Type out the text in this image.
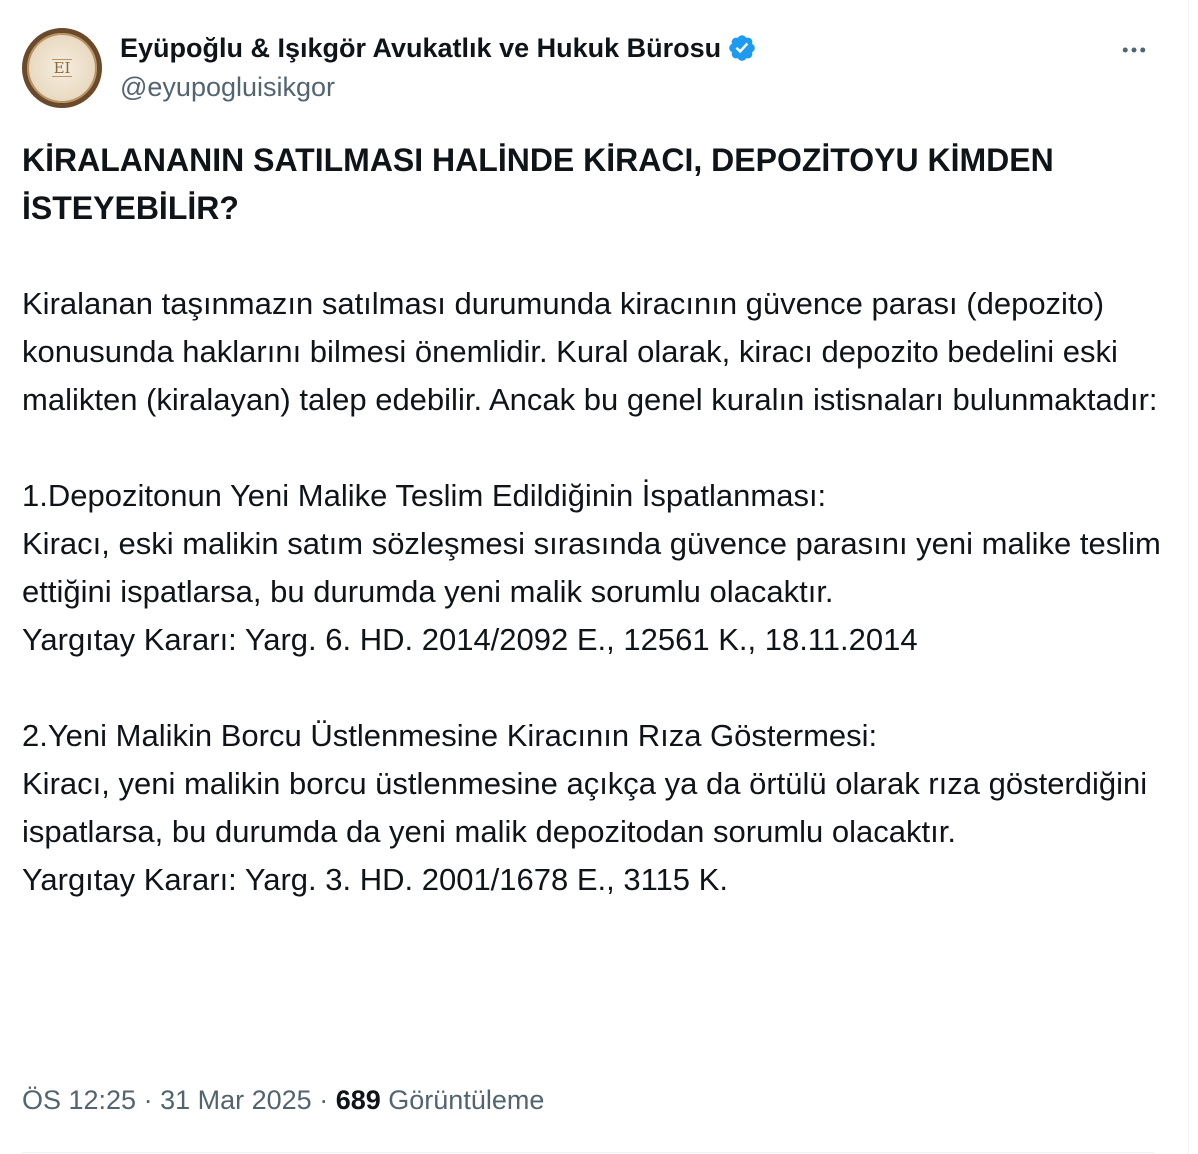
EI
Eyüpoğlu & Işıkgör Avukatlık ve Hukuk Bürosu
@eyupogluisikgor
KİRALANANIN SATILMASI HALİNDE KİRACI, DEPOZİTOYU KİMDEN İSTEYEBİLİR?
Kiralanan taşınmazın satılması durumunda kiracının güvence parası (depozito) konusunda haklarını bilmesi önemlidir. Kural olarak, kiracı depozito bedelini eski malikten (kiralayan) talep edebilir. Ancak bu genel kuralın istisnaları bulunmaktadır:
1.Depozitonun Yeni Malike Teslim Edildiğinin İspatlanması:
Kiracı, eski malikin satım sözleşmesi sırasında güvence parasını yeni malike teslim ettiğini ispatlarsa, bu durumda yeni malik sorumlu olacaktır.
Yargıtay Kararı: Yarg. 6. HD. 2014/2092 E., 12561 K., 18.11.2014
2.Yeni Malikin Borcu Üstlenmesine Kiracının Rıza Göstermesi:
Kiracı, yeni malikin borcu üstlenmesine açıkça ya da örtülü olarak rıza gösterdiğini ispatlarsa, bu durumda da yeni malik depozitodan sorumlu olacaktır.
Yargıtay Kararı: Yarg. 3. HD. 2001/1678 E., 3115 K.
ÖS 12:25 · 31 Mar 2025 · 689 Görüntüleme
